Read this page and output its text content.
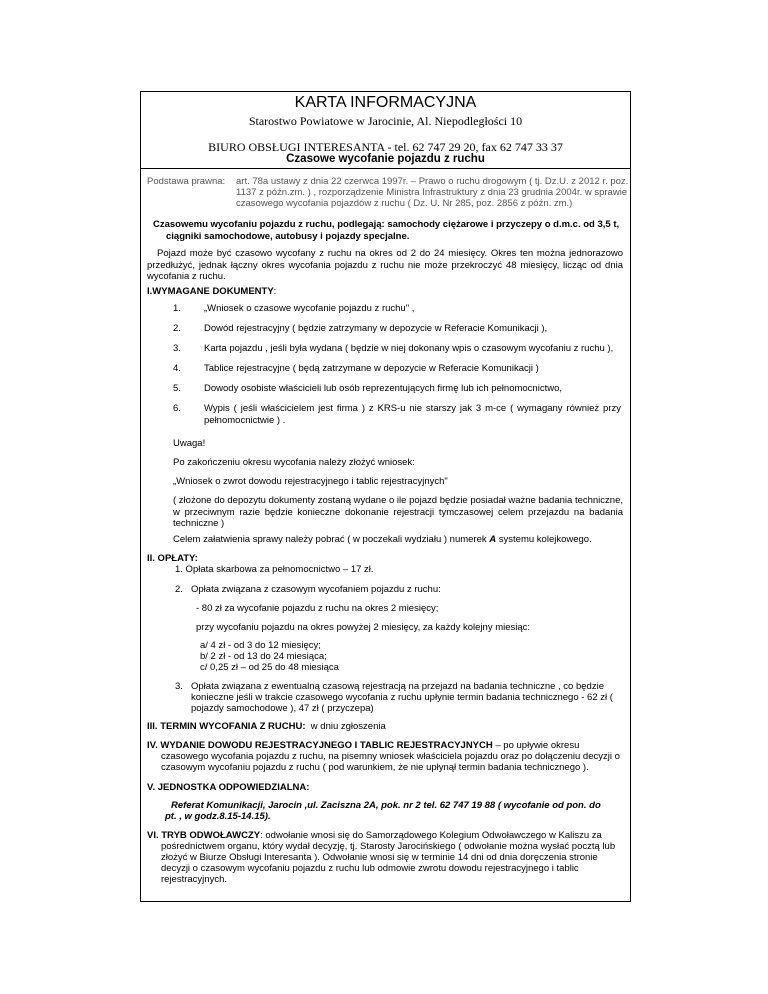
KARTA INFORMACYJNA
Starostwo Powiatowe w Jarocinie, Al. Niepodległości 10
BIURO OBSŁUGI INTERESANTA - tel. 62 747 29 20, fax 62 747 33 37
Czasowe wycofanie pojazdu z ruchu
Podstawa prawna: art. 78a ustawy z dnia 22 czerwca 1997r. – Prawo o ruchu drogowym ( tj. Dz.U. z 2012 r. poz.
1137 z późn.zm. ) , rozporządzenie Ministra Infrastruktury z dnia 23 grudnia 2004r. w sprawie
czasowego wycofania pojazdów z ruchu ( Dz. U. Nr 285, poz. 2856 z późn. zm.)
Czasowemu wycofaniu pojazdu z ruchu, podlegają: samochody ciężarowe i przyczepy o d.m.c. od 3,5 t,
ciągniki samochodowe, autobusy i pojazdy specjalne.
Pojazd może być czasowo wycofany z ruchu na okres od 2 do 24 miesięcy. Okres ten można jednorazowo przedłużyć, jednak łączny okres wycofania pojazdu z ruchu nie może przekroczyć 48 miesięcy, licząc od dnia wycofania z ruchu.
I.WYMAGANE DOKUMENTY:
1. „Wniosek o czasowe wycofanie pojazdu z ruchu" ,
2. Dowód rejestracyjny ( będzie zatrzymany w depozycie w Referacie Komunikacji ),
3. Karta pojazdu , jeśli była wydana ( będzie w niej dokonany wpis o czasowym wycofaniu z ruchu ),
4. Tablice rejestracyjne ( będą zatrzymane w depozycie w Referacie Komunikacji )
5. Dowody osobiste właścicieli lub osób reprezentujących firmę lub ich pełnomocnictwo,
6. Wypis ( jeśli właścicielem jest firma ) z KRS-u nie starszy jak 3 m-ce ( wymagany również przy pełnomocnictwie ) .
Uwaga!
Po zakończeniu okresu wycofania należy złożyć wniosek:
„Wniosek o zwrot dowodu rejestracyjnego i tablic rejestracyjnych"
( złożone do depozytu dokumenty zostaną wydane o ile pojazd będzie posiadał ważne badania techniczne, w przeciwnym razie będzie konieczne dokonanie rejestracji tymczasowej celem przejazdu na badania techniczne )
Celem załatwienia sprawy należy pobrać ( w poczekali wydziału ) numerek A systemu kolejkowego.
II. OPŁATY:
1. Opłata skarbowa za pełnomocnictwo – 17 zł.
2. Opłata związana z czasowym wycofaniem pojazdu z ruchu:
- 80 zł za wycofanie pojazdu z ruchu na okres 2 miesięcy;
przy wycofaniu pojazdu na okres powyżej 2 miesięcy, za każdy kolejny miesiąc:
a/ 4 zł - od 3 do 12 miesięcy;
b/ 2 zł - od 13 do 24 miesiąca;
c/ 0,25 zł – od 25 do 48 miesiąca
3. Opłata związana z ewentualną czasową rejestracją na przejazd na badania techniczne , co będzie
konieczne jeśli w trakcie czasowego wycofania z ruchu upłynie termin badania technicznego - 62 zł (
pojazdy samochodowe ), 47 zł ( przyczepa)
III. TERMIN WYCOFANIA Z RUCHU: w dniu zgłoszenia
IV. WYDANIE DOWODU REJESTRACYJNEGO I TABLIC REJESTRACYJNYCH – po upływie okresu
czasowego wycofania pojazdu z ruchu, na pisemny wniosek właściciela pojazdu oraz po dołączeniu decyzji o
czasowym wycofaniu pojazdu z ruchu ( pod warunkiem, że nie upłynął termin badania technicznego ).
V. JEDNOSTKA ODPOWIEDZIALNA:
Referat Komunikacji, Jarocin ,ul. Zaciszna 2A, pok. nr 2 tel. 62 747 19 88 ( wycofanie od pon. do
pt. , w godz.8.15-14.15).
VI. TRYB ODWOŁAWCZY: odwołanie wnosi się do Samorządowego Kolegium Odwoławczego w Kaliszu za
pośrednictwem organu, który wydał decyzję, tj. Starosty Jarocińskiego ( odwołanie można wysłać pocztą lub
złożyć w Biurze Obsługi Interesanta ). Odwołanie wnosi się w terminie 14 dni od dnia doręczenia stronie
decyzji o czasowym wycofaniu pojazdu z ruchu lub odmowie zwrotu dowodu rejestracyjnego i tablic
rejestracyjnych.
